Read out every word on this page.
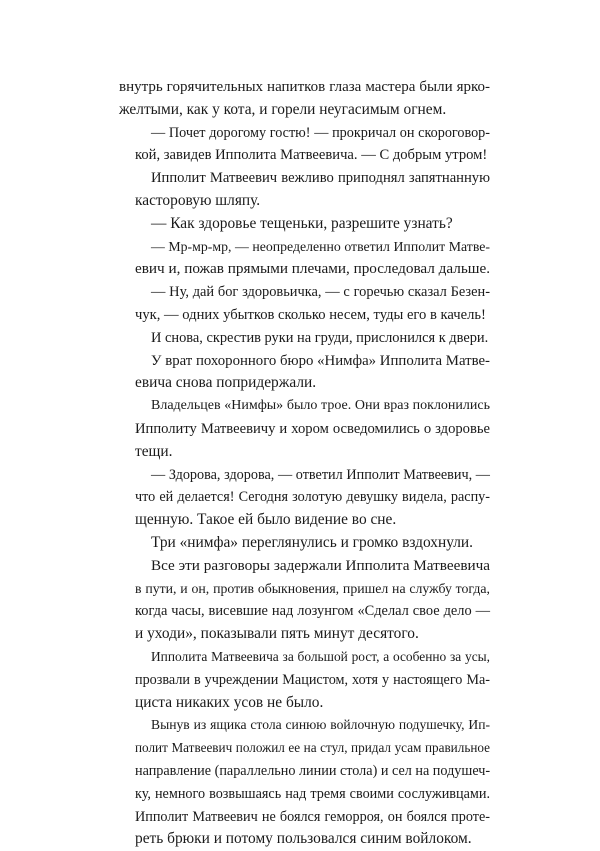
внутрь горячительных напитков глаза мастера были ярко-
желтыми, как у кота, и горели неугасимым огнем.
— Почет дорогому гостю! — прокричал он скороговор-
кой, завидев Ипполита Матвеевича. — С добрым утром!
Ипполит Матвеевич вежливо приподнял запятнанную
касторовую шляпу.
— Как здоровье тещеньки, разрешите узнать?
— Мр-мр-мр, — неопределенно ответил Ипполит Матве-
евич и, пожав прямыми плечами, проследовал дальше.
— Ну, дай бог здоровьичка, — с горечью сказал Безен-
чук, — одних убытков сколько несем, туды его в качель!
И снова, скрестив руки на груди, прислонился к двери.
У врат похоронного бюро «Нимфа» Ипполита Матве-
евича снова попридержали.
Владельцев «Нимфы» было трое. Они враз поклонились
Ипполиту Матвеевичу и хором осведомились о здоровье
тещи.
— Здорова, здорова, — ответил Ипполит Матвеевич, —
что ей делается! Сегодня золотую девушку видела, распу-
щенную. Такое ей было видение во сне.
Три «нимфа» переглянулись и громко вздохнули.
Все эти разговоры задержали Ипполита Матвеевича
в пути, и он, против обыкновения, пришел на службу тогда,
когда часы, висевшие над лозунгом «Сделал свое дело —
и уходи», показывали пять минут десятого.
Ипполита Матвеевича за большой рост, а особенно за усы,
прозвали в учреждении Мацистом, хотя у настоящего Ма-
циста никаких усов не было.
Вынув из ящика стола синюю войлочную подушечку, Ип-
полит Матвеевич положил ее на стул, придал усам правильное
направление (параллельно линии стола) и сел на подушеч-
ку, немного возвышаясь над тремя своими сослуживцами.
Ипполит Матвеевич не боялся геморроя, он боялся протe-
реть брюки и потому пользовался синим войлоком.
